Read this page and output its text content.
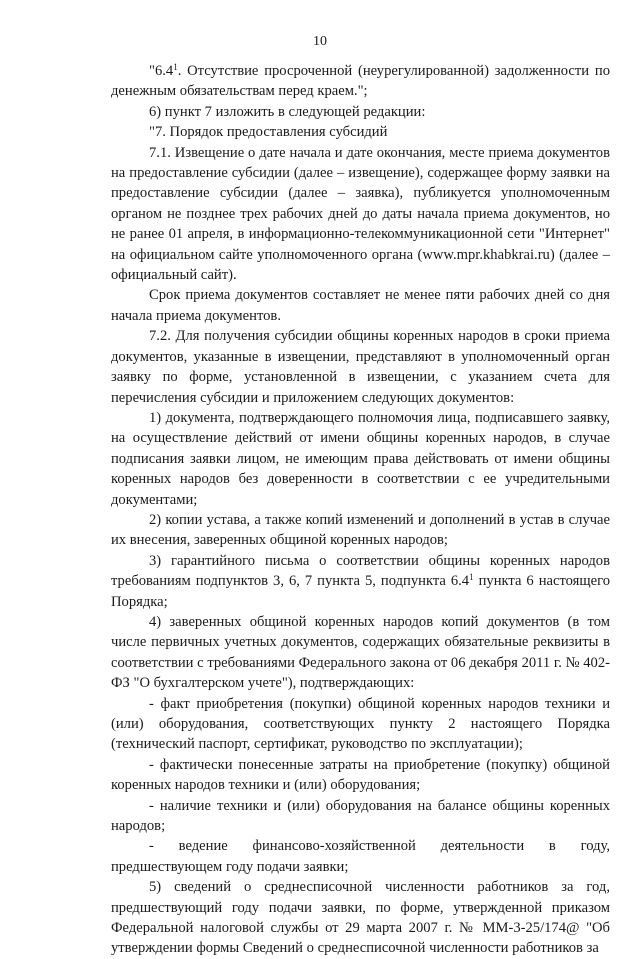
10

"$6.4^1$. Отсутствие просроченной (неурегулированной) задолженности по денежным обязательствам перед краем.";

6) пункт 7 изложить в следующей редакции:

"7. Порядок предоставления субсидий

7.1. Извещение о дате начала и дате окончания, месте приема документов на предоставление субсидии (далее – извещение), содержащее форму заявки на предоставление субсидии (далее – заявка), публикуется уполномоченным органом не позднее трех рабочих дней до даты начала приема документов, но не ранее 01 апреля, в информационно-телекоммуникационной сети "Интернет" на официальном сайте уполномоченного органа (www.mpr.khabkrai.ru) (далее – официальный сайт).

Срок приема документов составляет не менее пяти рабочих дней со дня начала приема документов.

7.2. Для получения субсидии общины коренных народов в сроки приема документов, указанные в извещении, представляют в уполномоченный орган заявку по форме, установленной в извещении, с указанием счета для перечисления субсидии и приложением следующих документов:

1) документа, подтверждающего полномочия лица, подписавшего заявку, на осуществление действий от имени общины коренных народов, в случае подписания заявки лицом, не имеющим права действовать от имени общины коренных народов без доверенности в соответствии с ее учредительными документами;

2) копии устава, а также копий изменений и дополнений в устав в случае их внесения, заверенных общиной коренных народов;

3) гарантийного письма о соответствии общины коренных народов требованиям подпунктов 3, 6, 7 пункта 5, подпункта $6.4^1$ пункта 6 настоящего Порядка;

4) заверенных общиной коренных народов копий документов (в том числе первичных учетных документов, содержащих обязательные реквизиты в соответствии с требованиями Федерального закона от 06 декабря 2011 г. № 402-ФЗ "О бухгалтерском учете"), подтверждающих:

- факт приобретения (покупки) общиной коренных народов техники и (или) оборудования, соответствующих пункту 2 настоящего Порядка (технический паспорт, сертификат, руководство по эксплуатации);

- фактически понесенные затраты на приобретение (покупку) общиной коренных народов техники и (или) оборудования;

- наличие техники и (или) оборудования на балансе общины коренных народов;

- ведение финансово-хозяйственной деятельности в году, предшествующем году подачи заявки;

5) сведений о среднесписочной численности работников за год, предшествующий году подачи заявки, по форме, утвержденной приказом Федеральной налоговой службы от 29 марта 2007 г. № ММ-3-25/174@ "Об утверждении формы Сведений о среднесписочной численности работников за
